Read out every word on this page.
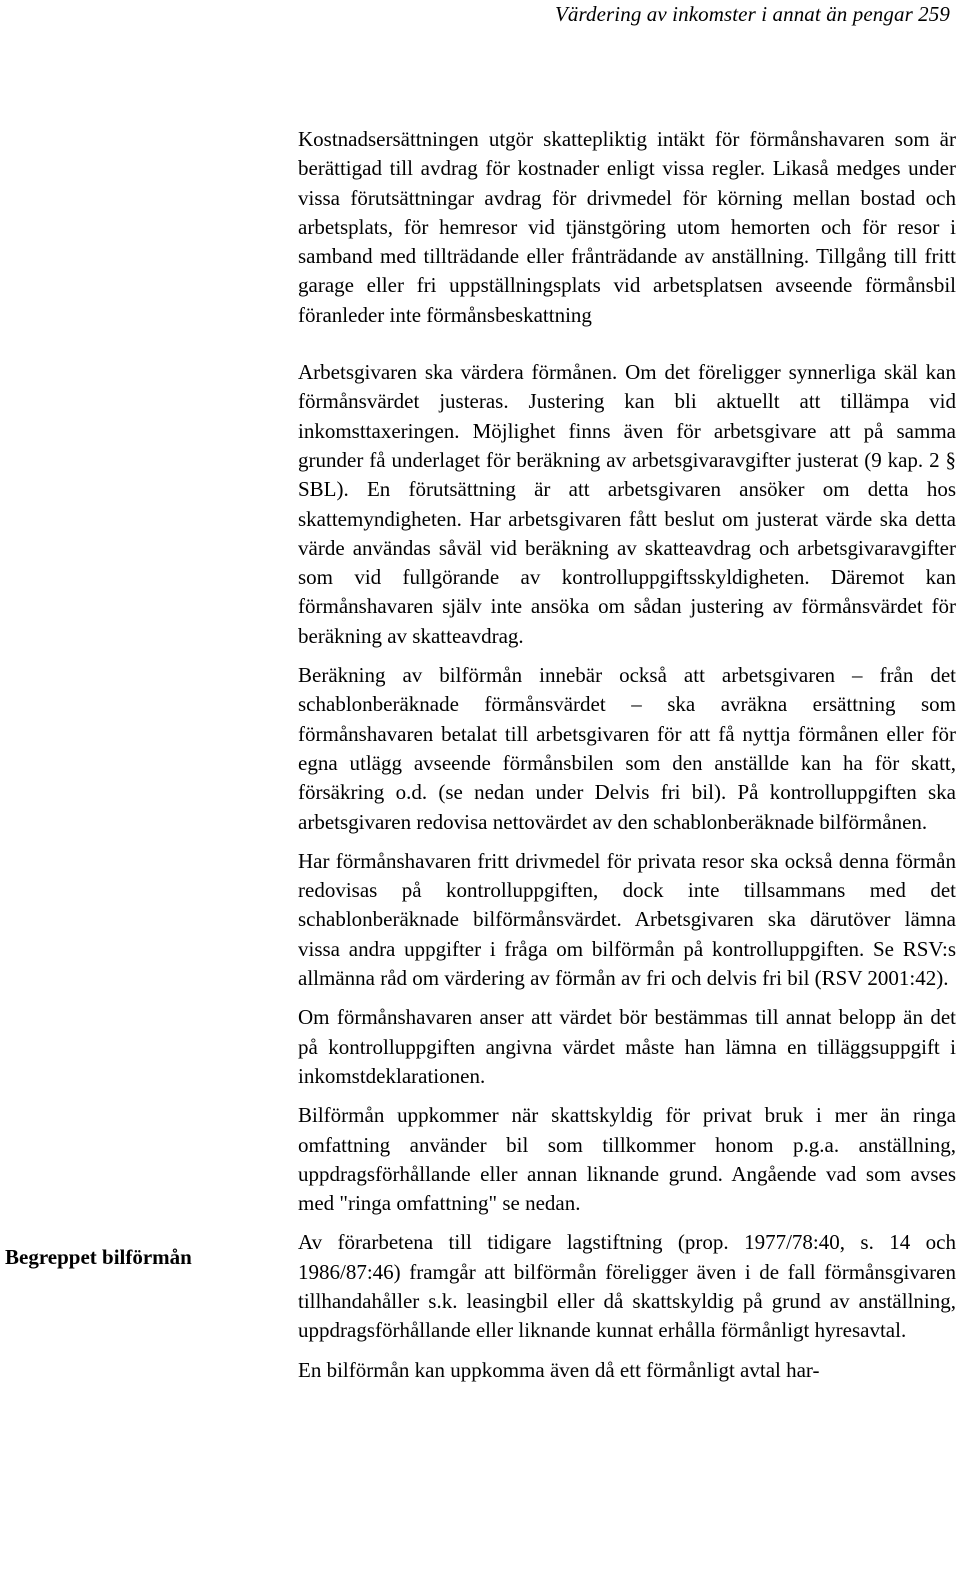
Värdering av inkomster i annat än pengar 259

Begreppet bilförmån

Kostnadsersättningen utgör skattepliktig intäkt för förmånshavaren som är berättigad till avdrag för kostnader enligt vissa regler. Likaså medges under vissa förutsättningar avdrag för drivmedel för körning mellan bostad och arbetsplats, för hemresor vid tjänstgöring utom hemorten och för resor i samband med tillträdande eller frånträdande av anställning. Tillgång till fritt garage eller fri uppställningsplats vid arbetsplatsen avseende förmånsbil föranleder inte förmånsbeskattning

Arbetsgivaren ska värdera förmånen. Om det föreligger synnerliga skäl kan förmånsvärdet justeras. Justering kan bli aktuellt att tillämpa vid inkomsttaxeringen. Möjlighet finns även för arbetsgivare att på samma grunder få underlaget för beräkning av arbetsgivaravgifter justerat (9 kap. 2 § SBL). En förutsättning är att arbetsgivaren ansöker om detta hos skattemyndigheten. Har arbetsgivaren fått beslut om justerat värde ska detta värde användas såväl vid beräkning av skatteavdrag och arbetsgivaravgifter som vid fullgörande av kontrolluppgiftsskyldigheten. Däremot kan förmånshavaren själv inte ansöka om sådan justering av förmånsvärdet för beräkning av skatteavdrag.

Beräkning av bilförmån innebär också att arbetsgivaren – från det schablonberäknade förmånsvärdet – ska avräkna ersättning som förmånshavaren betalat till arbetsgivaren för att få nyttja förmånen eller för egna utlägg avseende förmånsbilen som den anställde kan ha för skatt, försäkring o.d. (se nedan under Delvis fri bil). På kontrolluppgiften ska arbetsgivaren redovisa nettovärdet av den schablonberäknade bilförmånen.

Har förmånshavaren fritt drivmedel för privata resor ska också denna förmån redovisas på kontrolluppgiften, dock inte tillsammans med det schablonberäknade bilförmånsvärdet. Arbetsgivaren ska därutöver lämna vissa andra uppgifter i fråga om bilförmån på kontrolluppgiften. Se RSV:s allmänna råd om värdering av förmån av fri och delvis fri bil (RSV 2001:42).

Om förmånshavaren anser att värdet bör bestämmas till annat belopp än det på kontrolluppgiften angivna värdet måste han lämna en tilläggsuppgift i inkomstdeklarationen.

Bilförmån uppkommer när skattskyldig för privat bruk i mer än ringa omfattning använder bil som tillkommer honom p.g.a. anställning, uppdragsförhållande eller annan liknande grund. Angående vad som avses med "ringa omfattning" se nedan.

Av förarbetena till tidigare lagstiftning (prop. 1977/78:40, s. 14 och 1986/87:46) framgår att bilförmån föreligger även i de fall förmånsgivaren tillhandahåller s.k. leasingbil eller då skattskyldig på grund av anställning, uppdragsförhållande eller liknande kunnat erhålla förmånligt hyresavtal.

En bilförmån kan uppkomma även då ett förmånligt avtal har-
